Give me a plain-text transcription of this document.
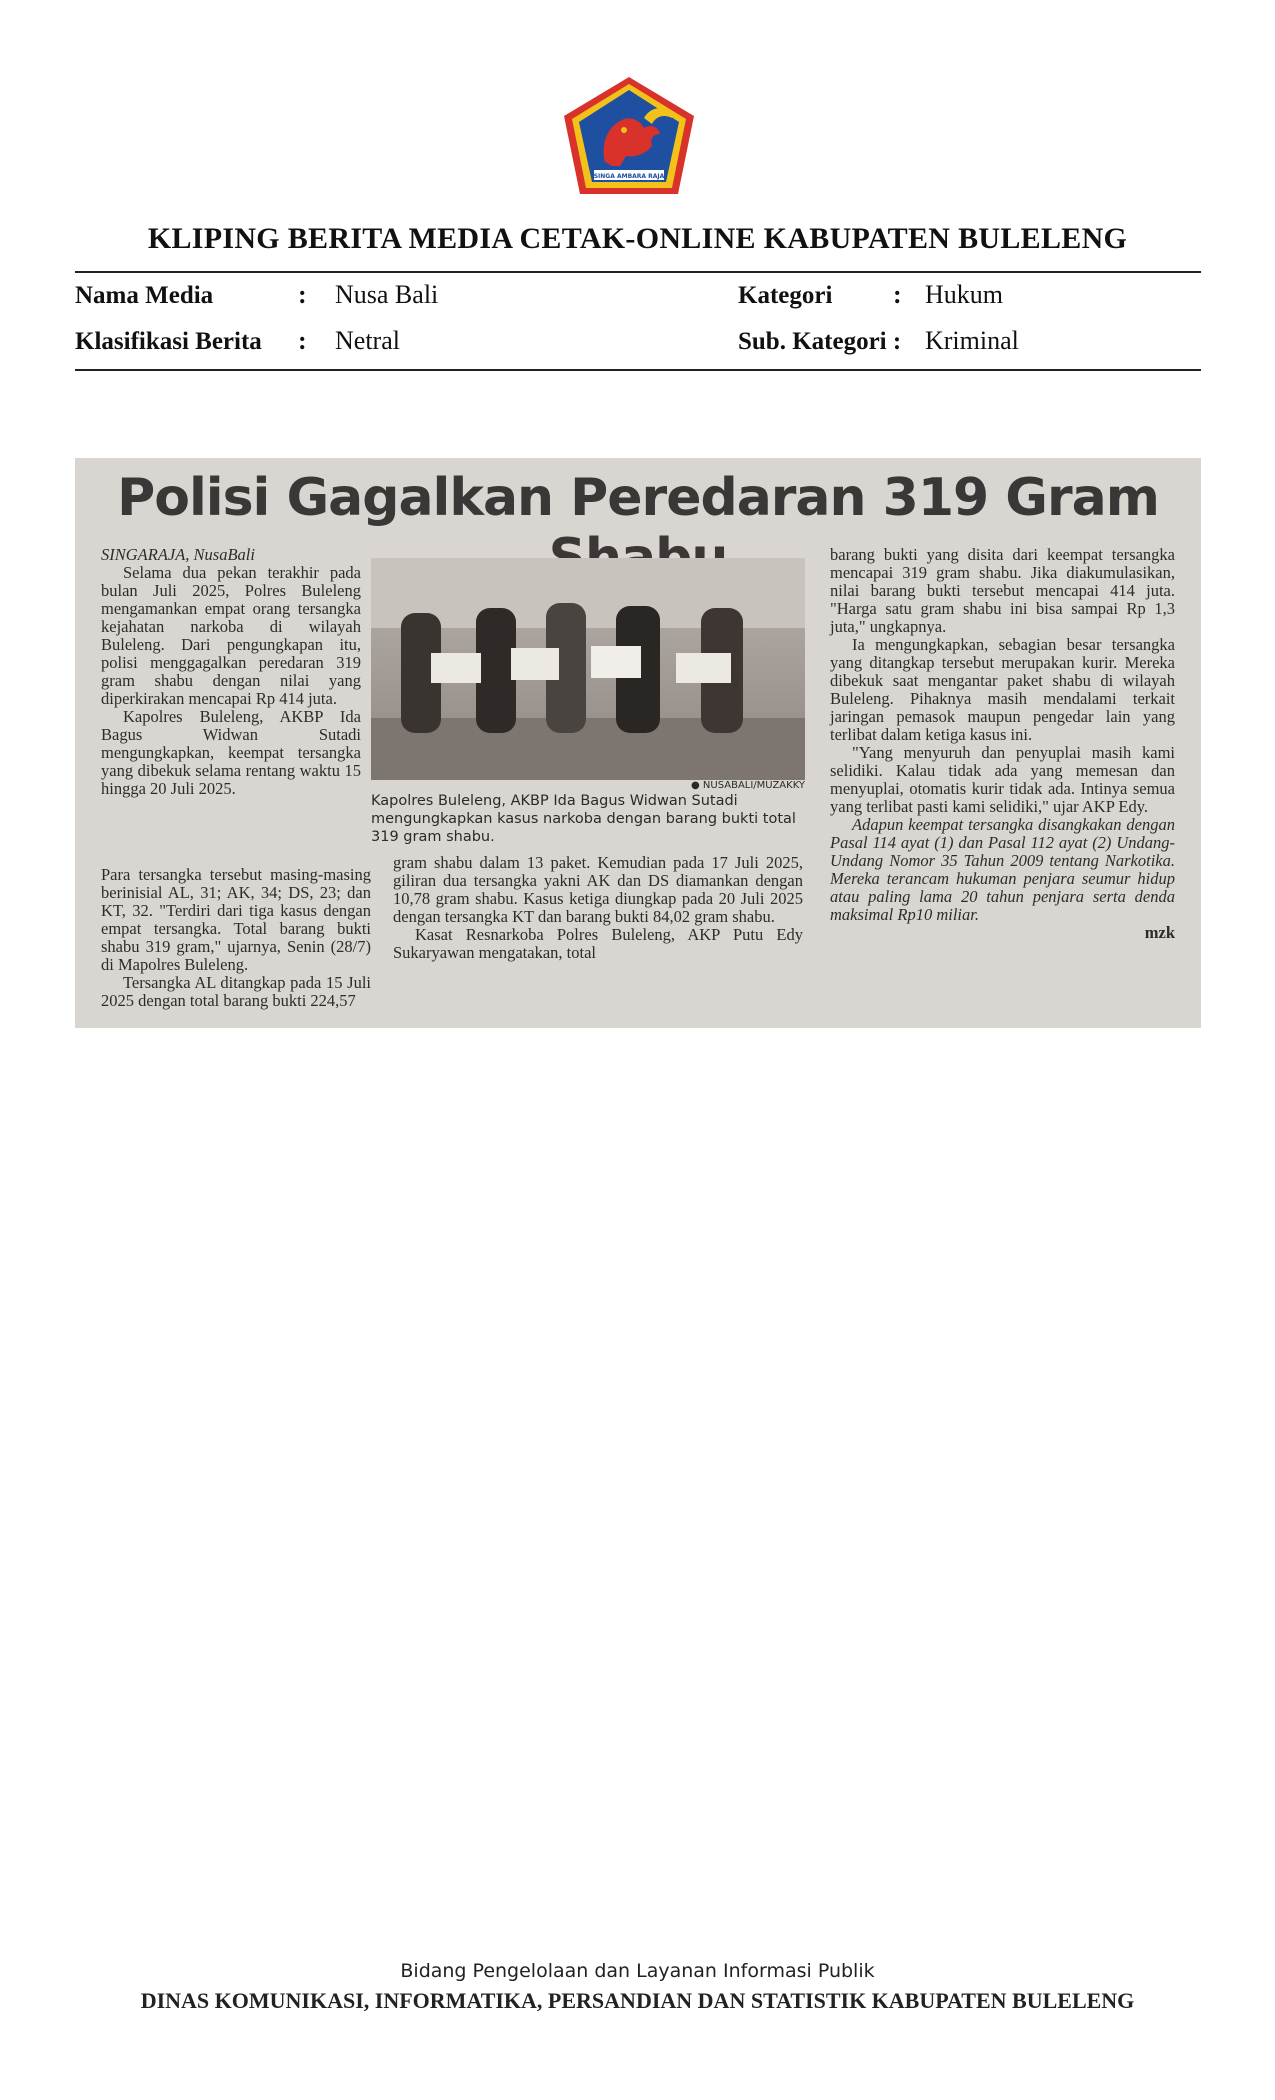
SINGA AMBARA RAJA
KLIPING BERITA MEDIA CETAK-ONLINE KABUPATEN BULELENG
Nama Media	: Nusa Bali	Kategori : Hukum
Klasifikasi Berita : Netral	Sub. Kategori : Kriminal
Polisi Gagalkan Peredaran 319 Gram

SINGARAJA, NusaBali

Selama dua pekan terakhir pada bulan Juli 2025, Polres Buleleng mengamankan empat orang tersangka kejahatan narkoba di wilayah Buleleng. Dari pengungkapan itu, polisi menggagalkan peredaran 319 gram shabu dengan nilai yang diperkirakan mencapai Rp 414 juta.

Kapolres Buleleng, AKBP Ida Bagus Widwan Sutadi mengungkapkan, keempat tersangka yang dibekuk selama rentang waktu 15 hingga 20 Juli 2025.	● NUSABALI/MUZAKKY
Kapolres Buleleng, AKBP Ida Bagus Widwan Sutadi mengungkapkan kasus narkoba dengan barang bukti total 319 gram shabu.

Para tersangka tersebut masing-masing berinisial AL, 31; AK, 34; DS, 23; dan KT, 32. "Terdiri dari tiga kasus dengan empat tersangka. Total barang bukti shabu 319 gram," ujarnya, Senin (28/7) di Mapolres Buleleng.

Tersangka AL ditangkap pada 15 Juli 2025 dengan total barang bukti 224,57

gram shabu dalam 13 paket. Kemudian pada 17 Juli 2025, giliran dua tersangka yakni AK dan DS diamankan dengan 10,78 gram shabu. Kasus ketiga diungkap pada 20 Juli 2025 dengan tersangka KT dan barang bukti 84,02 gram shabu.

Kasat Resnarkoba Polres Buleleng, AKP Putu Edy Sukaryawan mengatakan, total

barang bukti yang disita dari keempat tersangka mencapai 319 gram shabu. Jika diakumulasikan, nilai barang bukti tersebut mencapai 414 juta. "Harga satu gram shabu ini bisa sampai Rp 1,3 juta," ungkapnya.

Ia mengungkapkan, sebagian besar tersangka yang ditangkap tersebut merupakan kurir. Mereka dibekuk saat mengantar paket shabu di wilayah Buleleng. Pihaknya masih mendalami terkait jaringan pemasok maupun pengedar lain yang terlibat dalam ketiga kasus ini.

"Yang menyuruh dan penyuplai masih kami selidiki. Kalau tidak ada yang memesan dan menyuplai, otomatis kurir tidak ada. Intinya semua yang terlibat pasti kami selidiki," ujar AKP Edy.

Adapun keempat tersangka disangkakan dengan Pasal 114 ayat (1) dan Pasal 112 ayat (2) Undang-Undang Nomor 35 Tahun 2009 tentang Narkotika. Mereka terancam hukuman penjara seumur hidup atau paling lama 20 tahun penjara serta denda maksimal Rp10 miliar.

mzk

Bidang Pengelolaan dan Layanan Informasi Publik
DINAS KOMUNIKASI, INFORMATIKA, PERSANDIAN DAN STATISTIK KABUPATEN BULELENG
